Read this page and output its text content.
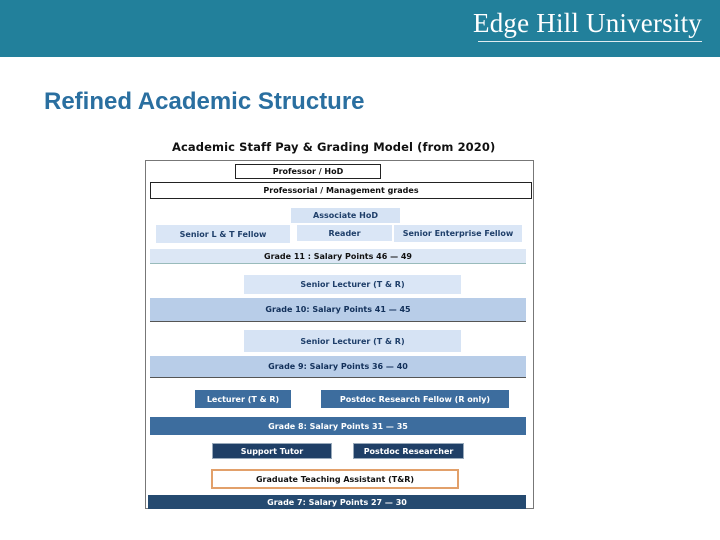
Edge Hill University
Refined Academic Structure
Academic Staff Pay & Grading Model (from 2020)
Professor / HoD
Professorial / Management grades
Associate HoD
Senior L & T Fellow	Reader	Senior Enterprise Fellow
Grade 11 : Salary Points 46 — 49
Senior Lecturer (T & R)
Grade 10: Salary Points 41 — 45
Senior Lecturer (T & R)
Grade 9: Salary Points 36 — 40
Lecturer (T & R)	Postdoc Research Fellow (R only)
Grade 8: Salary Points 31 — 35
Support Tutor	Postdoc Researcher
Graduate Teaching Assistant (T&R)
Grade 7: Salary Points 27 — 30
